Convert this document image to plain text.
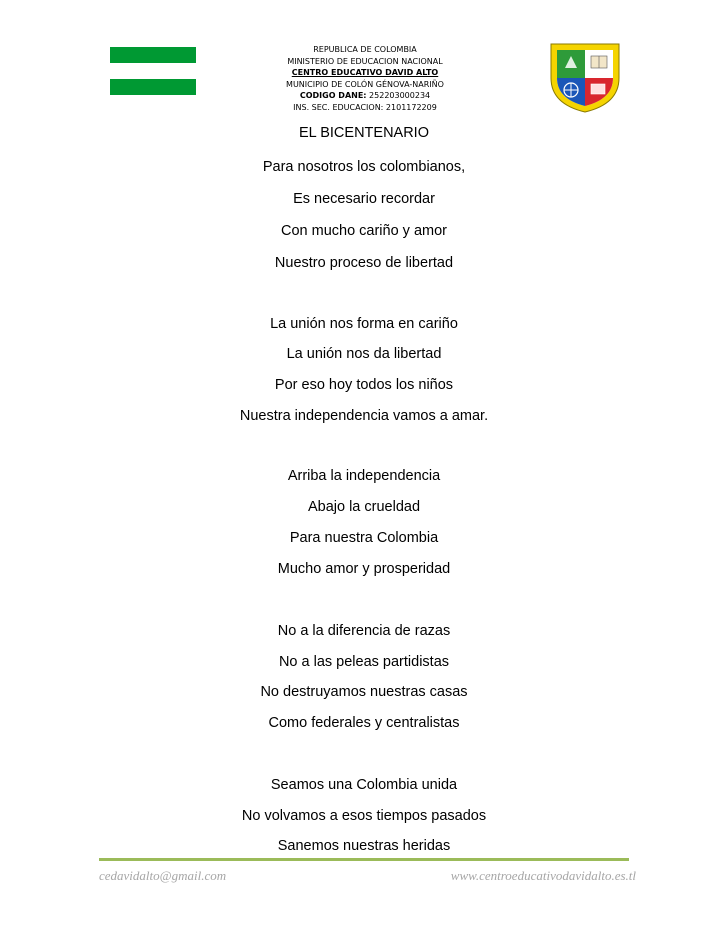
REPUBLICA DE COLOMBIA
MINISTERIO DE EDUCACION NACIONAL
CENTRO EDUCATIVO DAVID ALTO
MUNICIPIO DE COLÓN GÉNOVA-NARIÑO
CODIGO DANE: 252203000234
INS. SEC. EDUCACION: 2101172209
EL BICENTENARIO
Para nosotros los colombianos,
Es necesario recordar
Con mucho cariño y amor
Nuestro proceso de libertad
La unión nos forma en cariño
La unión nos da libertad
Por eso hoy todos los niños
Nuestra independencia vamos a amar.
Arriba la independencia
Abajo la crueldad
Para nuestra Colombia
Mucho amor y prosperidad
No a la diferencia de razas
No a las peleas partidistas
No destruyamos nuestras casas
Como federales y centralistas
Seamos una Colombia unida
No volvamos a esos tiempos pasados
Sanemos nuestras heridas
cedavidalto@gmail.com	www.centroeducativodavidalto.es.tl
